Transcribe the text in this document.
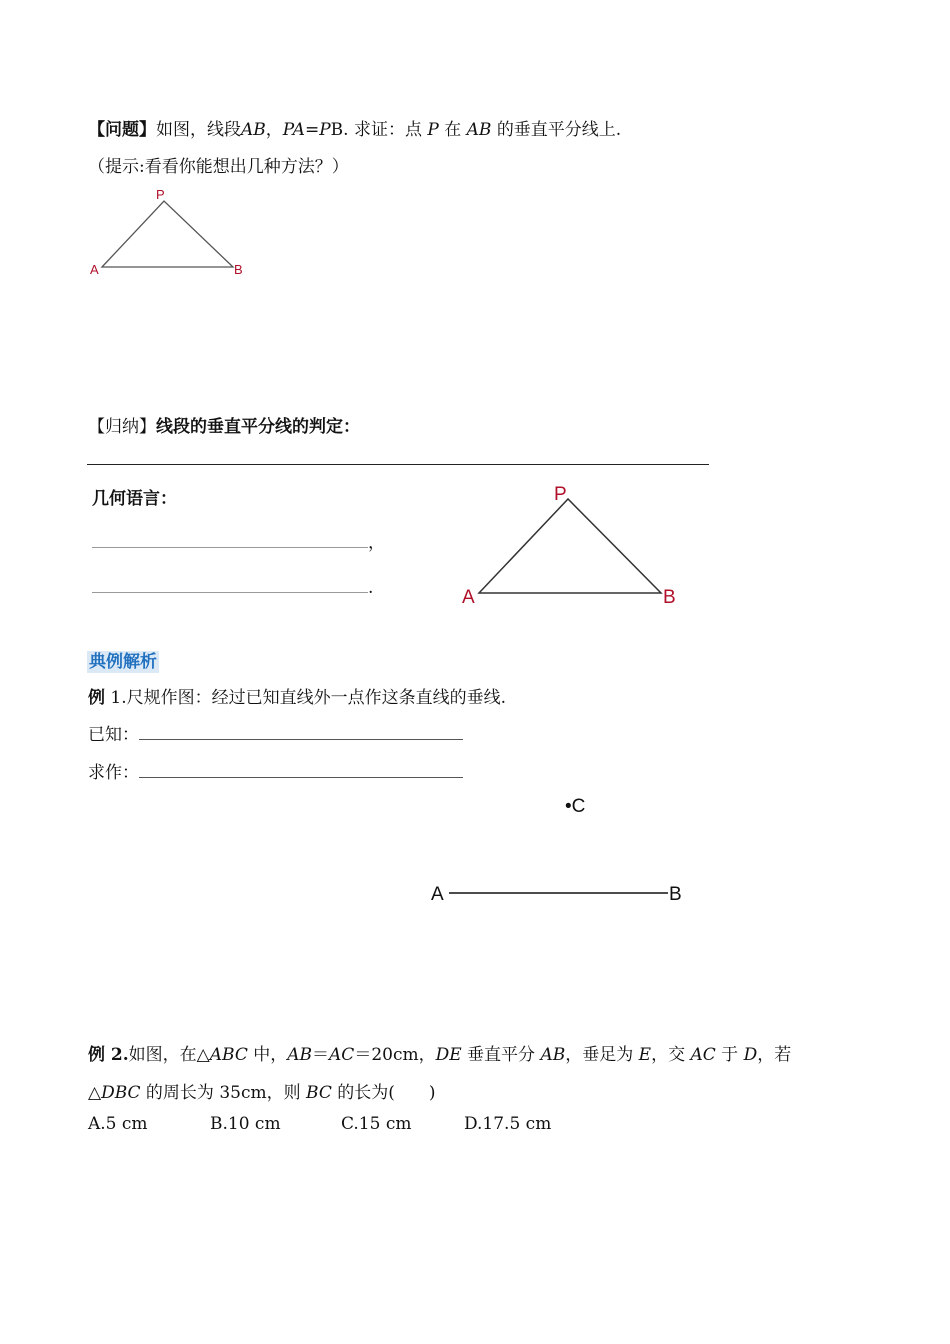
【问题】如图，线段AB，PA=PB. 求证：点 P 在 AB 的垂直平分线上.
（提示:看看你能想出几种方法？）
P
A	B
【归纳】线段的垂直平分线的判定：
几何语言：
，
.
P
A	B
典例解析
例 1.尺规作图：经过已知直线外一点作这条直线的垂线.
已知：
求作：
•C
A	B
例 2.如图，在△ABC 中，AB＝AC＝20cm，DE 垂直平分 AB，垂足为 E，交 AC 于 D，若
△DBC 的周长为 35cm，则 BC 的长为(　　)
A.5 cm	B.10 cm	C.15 cm	D.17.5 cm
